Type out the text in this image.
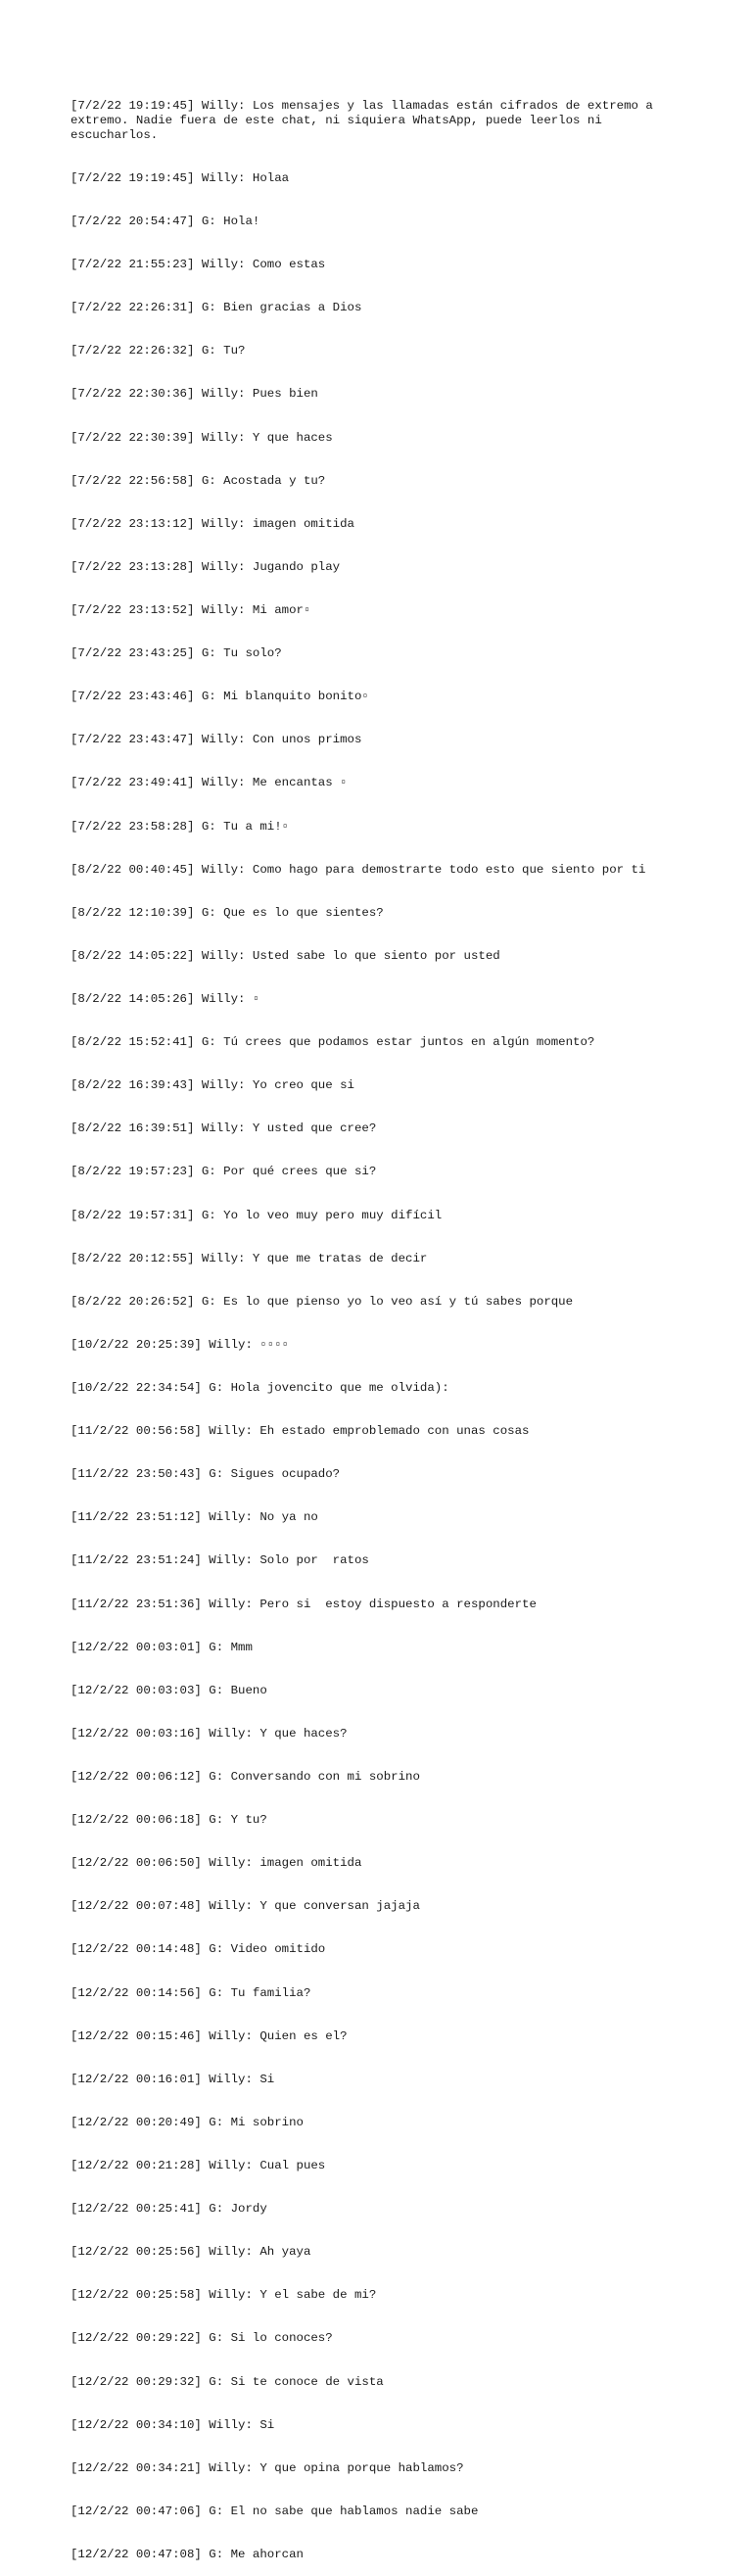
[7/2/22 19:19:45] Willy: Los mensajes y las llamadas están cifrados de extremo a extremo. Nadie fuera de este chat, ni siquiera WhatsApp, puede leerlos ni escucharlos.

[7/2/22 19:19:45] Willy: Holaa

[7/2/22 20:54:47] G: Hola!

[7/2/22 21:55:23] Willy: Como estas

[7/2/22 22:26:31] G: Bien gracias a Dios

[7/2/22 22:26:32] G: Tu?

[7/2/22 22:30:36] Willy: Pues bien

[7/2/22 22:30:39] Willy: Y que haces

[7/2/22 22:56:58] G: Acostada y tu?

[7/2/22 23:13:12] Willy: imagen omitida

[7/2/22 23:13:28] Willy: Jugando play

[7/2/22 23:13:52] Willy: Mi amor▫

[7/2/22 23:43:25] G: Tu solo?

[7/2/22 23:43:46] G: Mi blanquito bonito▫

[7/2/22 23:43:47] Willy: Con unos primos

[7/2/22 23:49:41] Willy: Me encantas ▫

[7/2/22 23:58:28] G: Tu a mi!▫

[8/2/22 00:40:45] Willy: Como hago para demostrarte todo esto que siento por ti

[8/2/22 12:10:39] G: Que es lo que sientes?

[8/2/22 14:05:22] Willy: Usted sabe lo que siento por usted

[8/2/22 14:05:26] Willy: ▫

[8/2/22 15:52:41] G: Tú crees que podamos estar juntos en algún momento?

[8/2/22 16:39:43] Willy: Yo creo que si

[8/2/22 16:39:51] Willy: Y usted que cree?

[8/2/22 19:57:23] G: Por qué crees que si?

[8/2/22 19:57:31] G: Yo lo veo muy pero muy difícil

[8/2/22 20:12:55] Willy: Y que me tratas de decir

[8/2/22 20:26:52] G: Es lo que pienso yo lo veo así y tú sabes porque

[10/2/22 20:25:39] Willy: ▫▫▫▫

[10/2/22 22:34:54] G: Hola jovencito que me olvida):

[11/2/22 00:56:58] Willy: Eh estado emproblemado con unas cosas

[11/2/22 23:50:43] G: Sigues ocupado?

[11/2/22 23:51:12] Willy: No ya no

[11/2/22 23:51:24] Willy: Solo por  ratos

[11/2/22 23:51:36] Willy: Pero si  estoy dispuesto a responderte

[12/2/22 00:03:01] G: Mmm

[12/2/22 00:03:03] G: Bueno

[12/2/22 00:03:16] Willy: Y que haces?

[12/2/22 00:06:12] G: Conversando con mi sobrino

[12/2/22 00:06:18] G: Y tu?

[12/2/22 00:06:50] Willy: imagen omitida

[12/2/22 00:07:48] Willy: Y que conversan jajaja

[12/2/22 00:14:48] G: Video omitido

[12/2/22 00:14:56] G: Tu familia?

[12/2/22 00:15:46] Willy: Quien es el?

[12/2/22 00:16:01] Willy: Si

[12/2/22 00:20:49] G: Mi sobrino

[12/2/22 00:21:28] Willy: Cual pues

[12/2/22 00:25:41] G: Jordy

[12/2/22 00:25:56] Willy: Ah yaya

[12/2/22 00:25:58] Willy: Y el sabe de mi?

[12/2/22 00:29:22] G: Si lo conoces?

[12/2/22 00:29:32] G: Si te conoce de vista

[12/2/22 00:34:10] Willy: Si

[12/2/22 00:34:21] Willy: Y que opina porque hablamos?

[12/2/22 00:47:06] G: El no sabe que hablamos nadie sabe

[12/2/22 00:47:08] G: Me ahorcan
